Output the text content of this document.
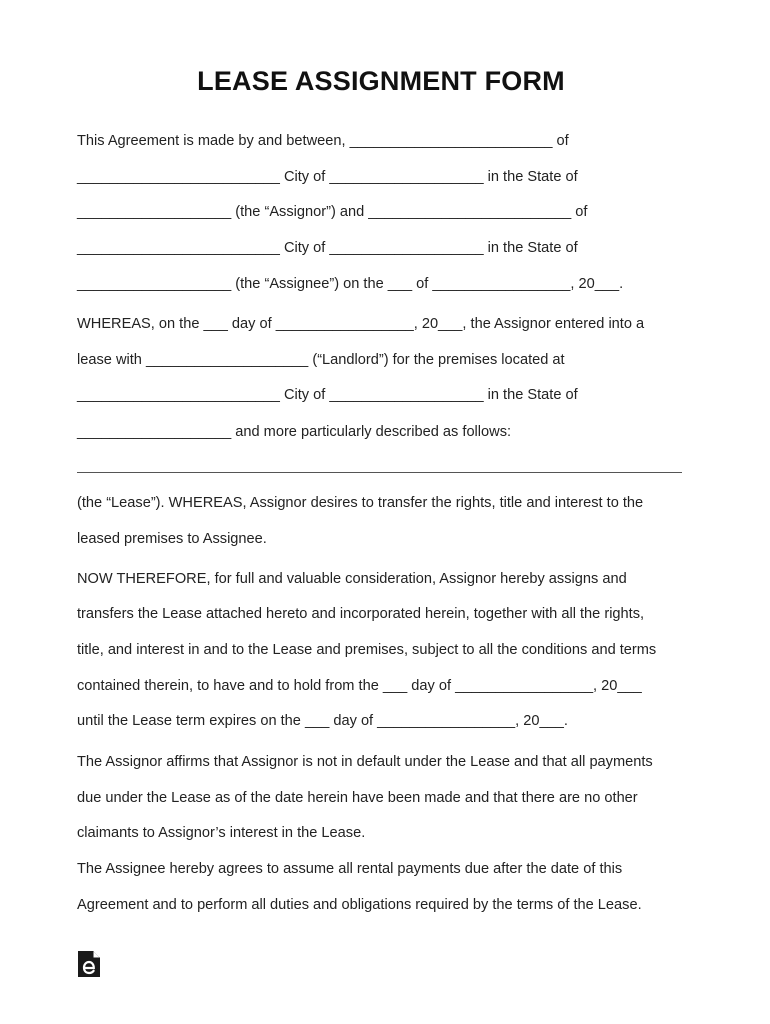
LEASE ASSIGNMENT FORM
This Agreement is made by and between, _________________________ of
_________________________ City of ___________________ in the State of
___________________ (the “Assignor”) and _________________________ of
_________________________ City of ___________________ in the State of
___________________ (the “Assignee”) on the ___ of _________________, 20___.
WHEREAS, on the ___ day of _________________, 20___, the Assignor entered into a
lease with ____________________ (“Landlord”) for the premises located at
_________________________ City of ___________________ in the State of
___________________ and more particularly described as follows:
(the “Lease”). WHEREAS, Assignor desires to transfer the rights, title and interest to the
leased premises to Assignee.
NOW THEREFORE, for full and valuable consideration, Assignor hereby assigns and
transfers the Lease attached hereto and incorporated herein, together with all the rights,
title, and interest in and to the Lease and premises, subject to all the conditions and terms
contained therein, to have and to hold from the ___ day of _________________, 20___
until the Lease term expires on the ___ day of _________________, 20___.
The Assignor affirms that Assignor is not in default under the Lease and that all payments
due under the Lease as of the date herein have been made and that there are no other
claimants to Assignor’s interest in the Lease.
The Assignee hereby agrees to assume all rental payments due after the date of this
Agreement and to perform all duties and obligations required by the terms of the Lease.
